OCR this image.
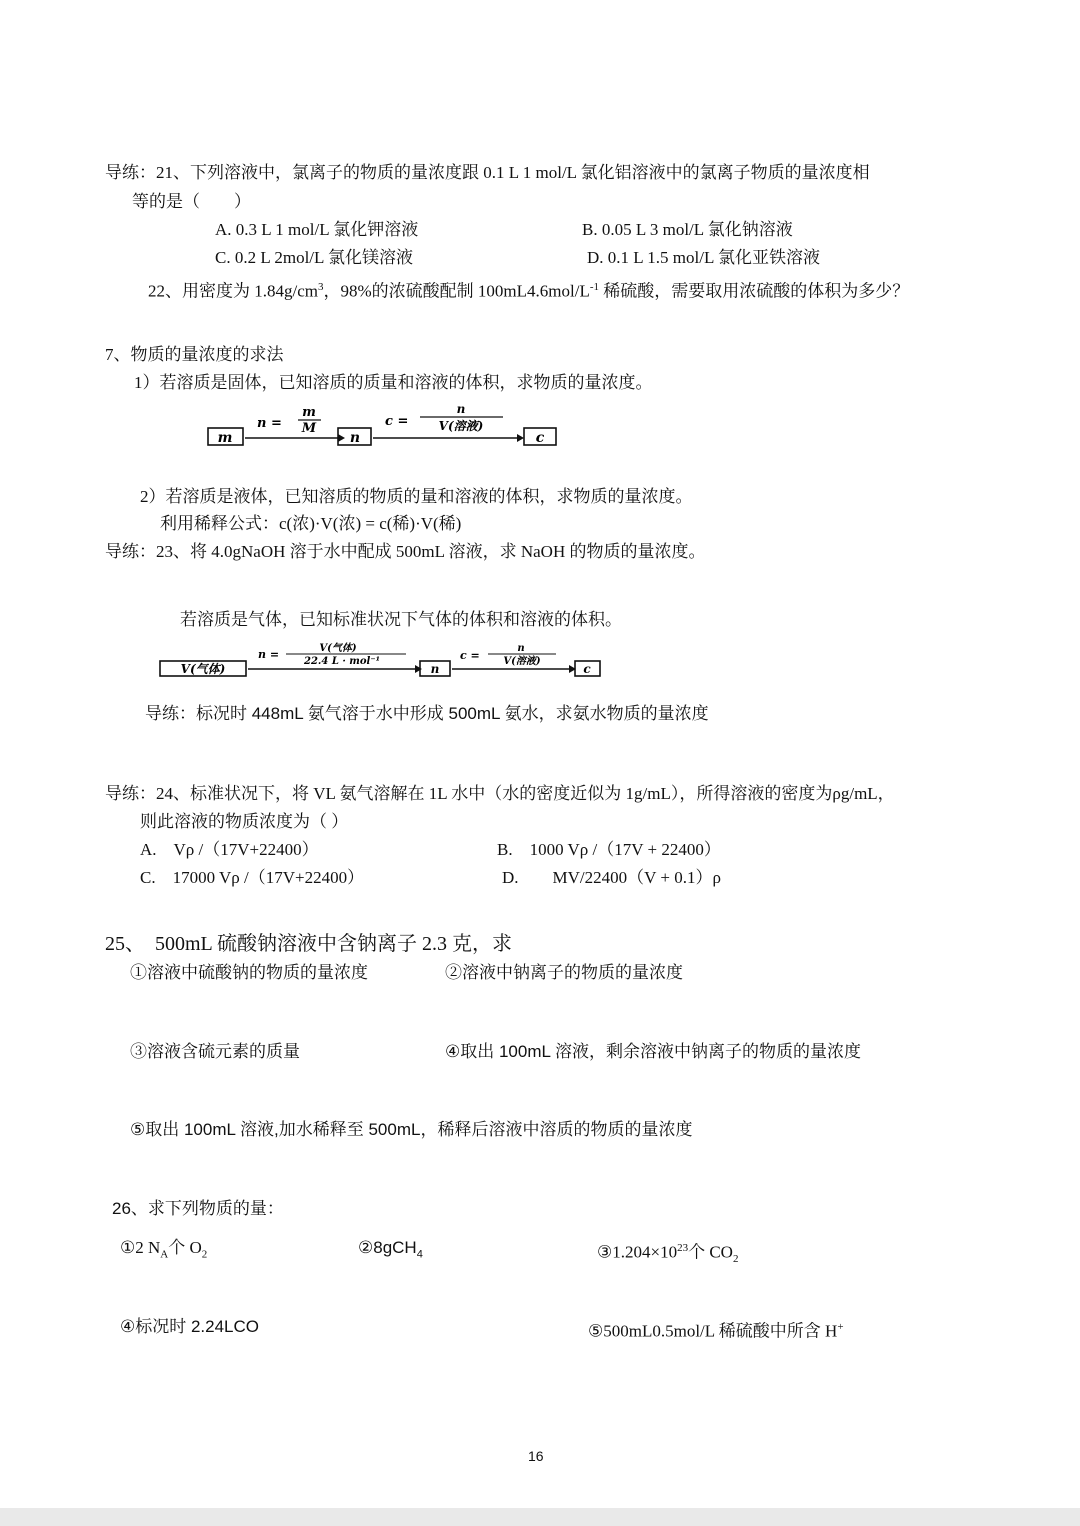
导练：21、下列溶液中，氯离子的物质的量浓度跟 0.1 L 1 mol/L 氯化铝溶液中的氯离子物质的量浓度相
等的是（　　）
A. 0.3 L 1 mol/L 氯化钾溶液	B. 0.05 L 3 mol/L 氯化钠溶液
C. 0.2 L 2mol/L 氯化镁溶液	D. 0.1 L 1.5 mol/L 氯化亚铁溶液
22、用密度为 $1.84g/cm^3$，98%的浓硫酸配制 $100mL4.6mol/L^{-1}$ 稀硫酸，需要取用浓硫酸的体积为多少？
7、物质的量浓度的求法
1）若溶质是固体，已知溶质的质量和溶液的体积，求物质的量浓度。
m
n =
m
M
n
c =
n
V(溶液)
c
2）若溶质是液体，已知溶质的物质的量和溶液的体积，求物质的量浓度。
利用稀释公式：c(浓)·V(浓) = c(稀)·V(稀)
导练：23、将 4.0gNaOH 溶于水中配成 500mL 溶液，求 NaOH 的物质的量浓度。
若溶质是气体，已知标准状况下气体的体积和溶液的体积。
V(气体)
n =	V(气体)
22.4 L · mol⁻¹
n
c =
n
V(溶液)
c
导练：标况时 448mL 氨气溶于水中形成 500mL 氨水，求氨水物质的量浓度
导练：24、标准状况下，将 VL 氨气溶解在 1L 水中（水的密度近似为 1g/mL），所得溶液的密度为ρg/mL，
则此溶液的物质浓度为（ ）
A.　Vρ /（17V+22400）	B.　1000 Vρ /（17V + 22400）
C.　17000 Vρ /（17V+22400）	D.　　MV/22400（V + 0.1）ρ
25、　500mL 硫酸钠溶液中含钠离子 2.3 克，求
①溶液中硫酸钠的物质的量浓度	②溶液中钠离子的物质的量浓度
③溶液含硫元素的质量	④取出 100mL 溶液，剩余溶液中钠离子的物质的量浓度
⑤取出 100mL 溶液,加水稀释至 500mL，稀释后溶液中溶质的物质的量浓度
26、求下列物质的量：
①2 $N_A$个 $O_2$	②8gCH$_4$	$③1.204\times 10^{23}$个 $CO_2$
④标况时 2.24LCO	⑤500mL0.5mol/L 稀硫酸中所含 H+
16
